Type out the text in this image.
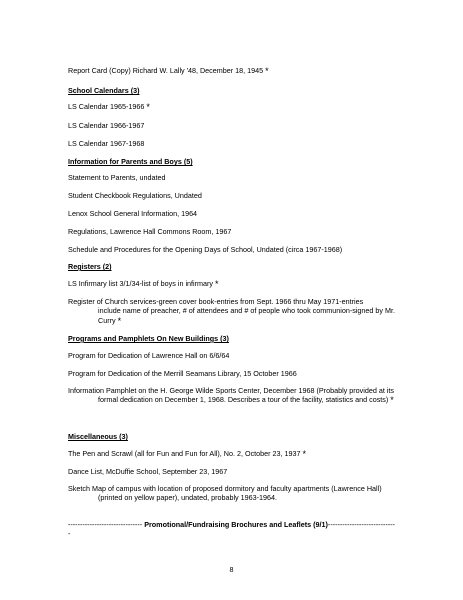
Report Card (Copy) Richard W. Lally '48, December 18, 1945 *
School Calendars (3)
LS Calendar 1965-1966 *
LS Calendar 1966-1967
LS Calendar 1967-1968
Information for Parents and Boys (5)
Statement to Parents, undated
Student Checkbook Regulations, Undated
Lenox School General Information, 1964
Regulations, Lawrence Hall Commons Room, 1967
Schedule and Procedures for the Opening Days of School, Undated (circa 1967-1968)
Registers (2)
LS Infirmary list 3/1/34-list of boys in infirmary *
Register of Church services-green cover book-entries from Sept. 1966 thru May 1971-entries
include name of preacher, # of attendees and # of people who took communion-signed by Mr. Curry *
Programs and Pamphlets On New Buildings (3)
Program for Dedication of Lawrence Hall on 6/6/64
Program for Dedication of the Merrill Seamans Library, 15 October 1966
Information Pamphlet on the H. George Wilde Sports Center, December 1968 (Probably provided at its
formal dedication on December 1, 1968. Describes a tour of the facility, statistics and costs) *
Miscellaneous (3)
The Pen and Scrawl (all for Fun and Fun for All), No. 2, October 23, 1937 *
Dance List, McDuffie School, September 23, 1967
Sketch Map of campus with location of proposed dormitory and faculty apartments (Lawrence Hall)
(printed on yellow paper), undated, probably 1963-1964.
------------------------------- Promotional/Fundraising Brochures and Leaflets (9/1)-----------------------------
8
